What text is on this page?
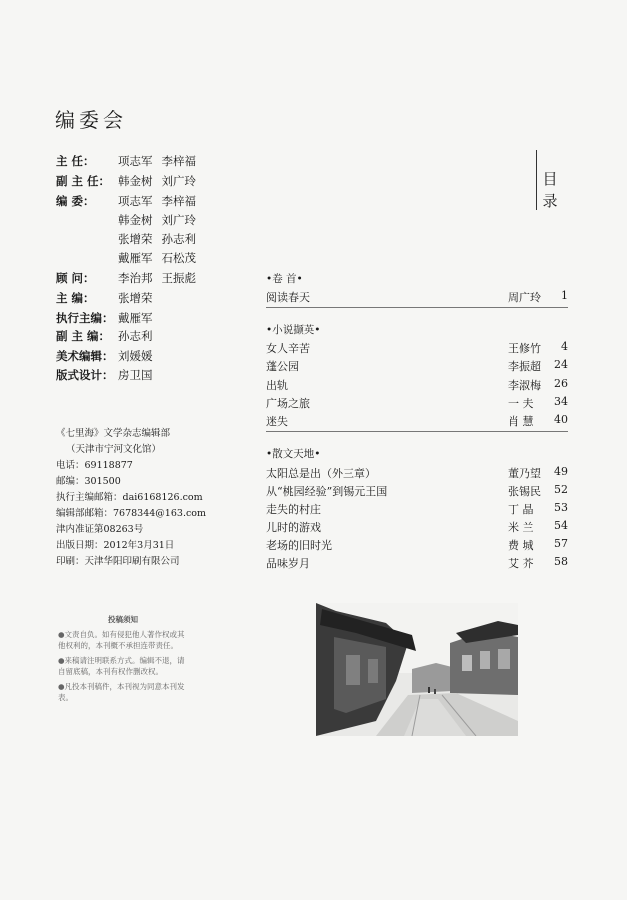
编委会
主 任： 项志军 李梓福
副 主 任： 韩金树 刘广玲
编 委： 项志军 李梓福
韩金树 刘广玲
张增荣 孙志利
戴雁军 石松茂
顾 问： 李治邦 王振彪
主 编： 张增荣
执行主编： 戴雁军
副 主 编： 孙志利
美术编辑： 刘媛媛
版式设计： 房卫国
《七里海》文学杂志编辑部
（天津市宁河文化馆）
电话：69118877
邮编：301500
执行主编邮箱：dai6168126.com
编辑部邮箱：7678344@163.com
津内准证第08263号
出版日期：2012年3月31日
印刷：天津华阳印刷有限公司
投稿须知

●文责自负。如有侵犯他人著作权或其他权利的，本刊概不承担连带责任。

●来稿请注明联系方式。编辑不退，请自留底稿，本刊有权作删改权。

●凡投本刊稿件，本刊视为同意本刊发表。

目
录
•卷 首•
阅读春天	周广玲 1
•小说撷英•
女人辛苦	王修竹 4
蓬公园	李振超 24
出轨	李淑梅 26
广场之旅	一 夫 34
迷失	肖 慧 40
•散文天地•
太阳总是出（外三章）	董乃望 49
从“桃园经验”到锡元王国	张锡民 52
走失的村庄	丁 晶 53
儿时的游戏	米 兰 54
老场的旧时光	费 城 57
品味岁月	艾 芥 58
